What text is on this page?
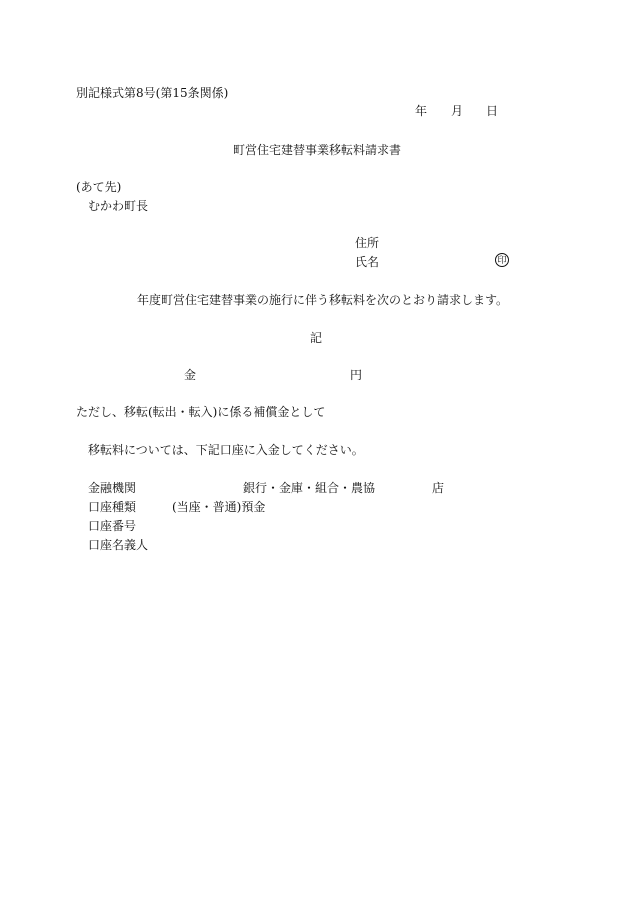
別記様式第8号(第15条関係)
年 月 日
町営住宅建替事業移転料請求書
(あて先)
むかわ町長
住所
氏名	印
年度町営住宅建替事業の施行に伴う移転料を次のとおり請求します。
記
金	円
ただし、移転(転出・転入)に係る補償金として
移転料については、下記口座に入金してください。
金融機関	銀行・金庫・組合・農協	店
口座種類	(当座・普通)預金
口座番号
口座名義人
